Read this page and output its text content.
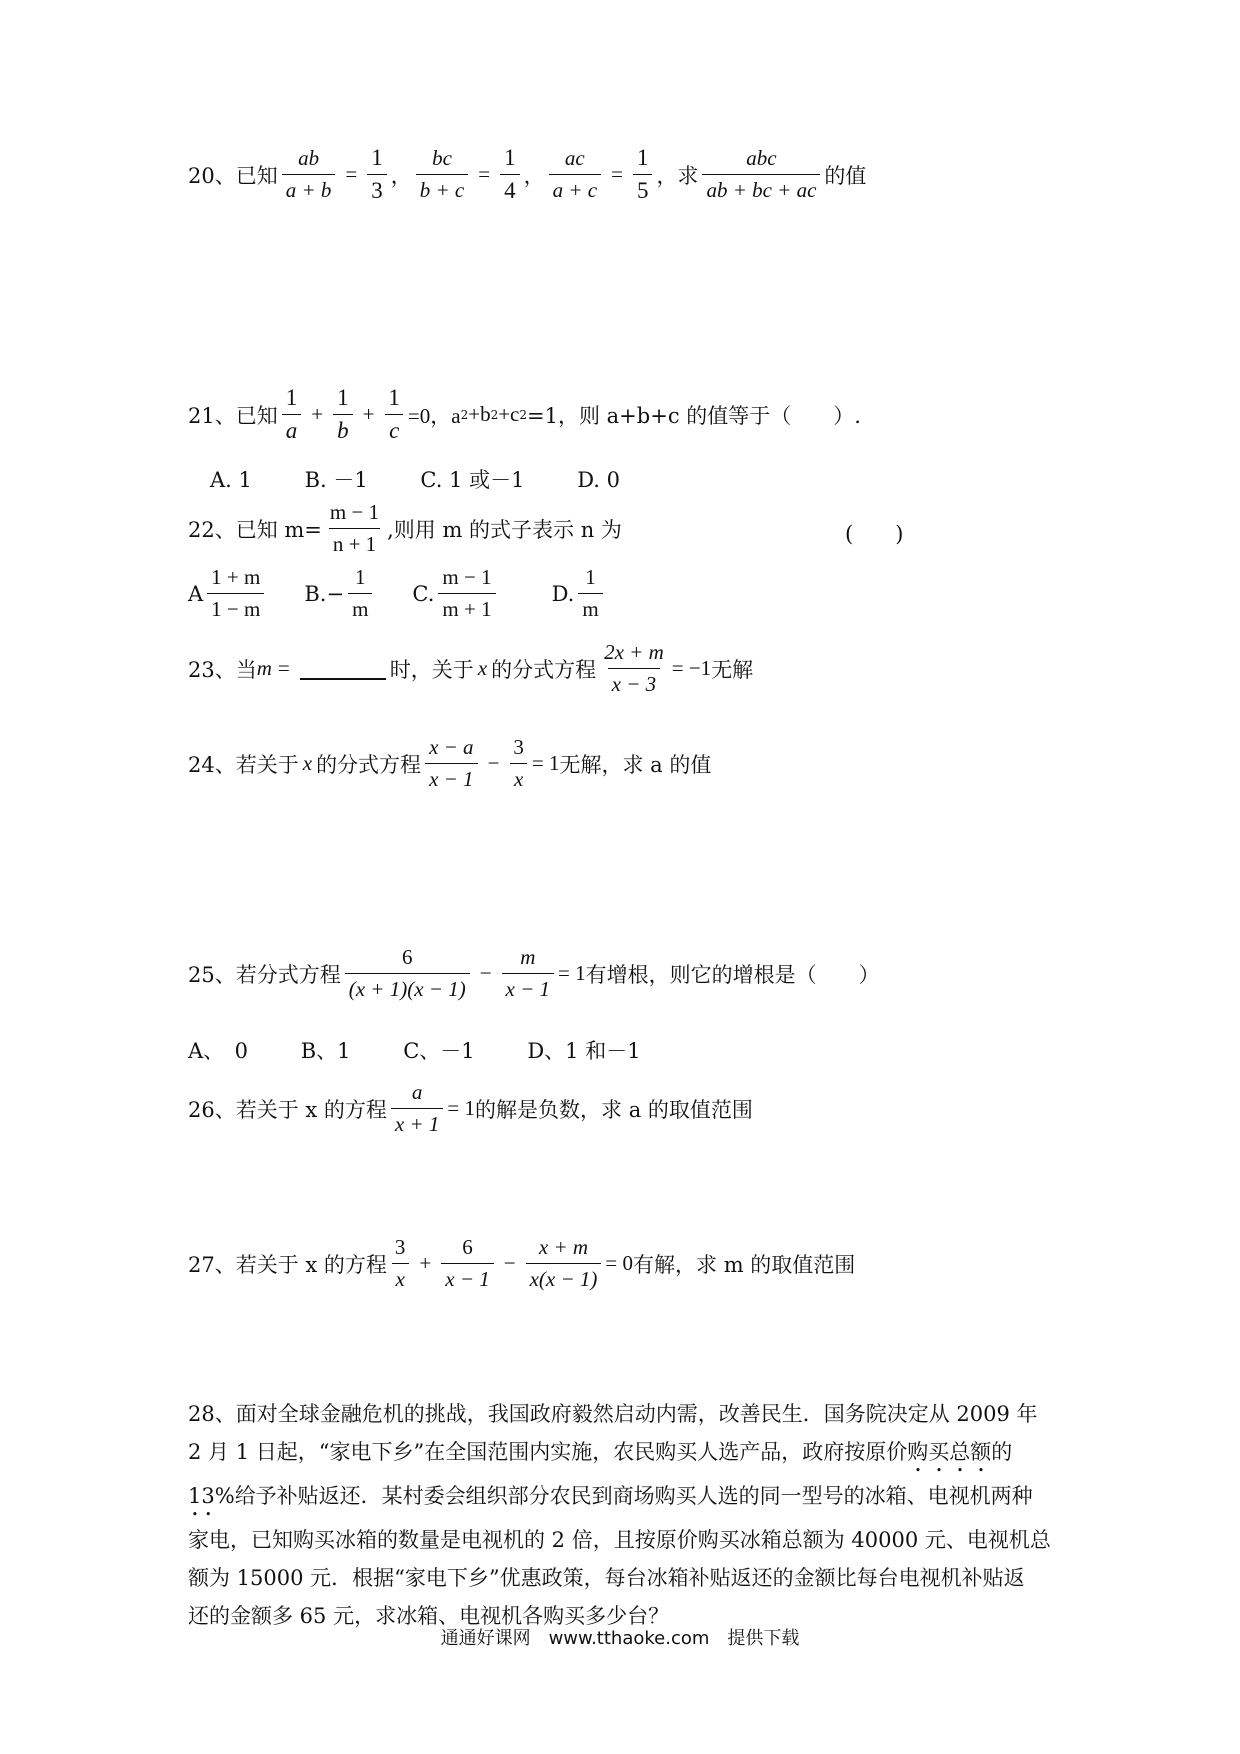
20、已知 $\frac{ab}{a + b} = \frac{1}{3}$ ， $\frac{bc}{b + c} = \frac{1}{4}$ ， $\frac{ac}{a + c} = \frac{1}{5}$ ，求 $\frac{\text{abc}}{ab + bc + ac}$ 的值
21、已知 $\frac{1}{a} + \frac{1}{b} + \frac{1}{c} =0$，a 2 +b 2 +c 2 =1，则 a+b+c 的值等于（　　）.
A. 1	B. －1	C. 1 或－1	D. 0
22、已知 $m= \frac{m - 1}{n + 1}$ ,则用 m 的式子表示 n 为	(　　)
A $\frac{1 + m}{1 - m} B.- \frac{1}{m} C$. $\frac{m - 1}{m + 1}$	D. $\frac{1}{m}$
23、当 m =	时，关于 x 的分式方程 $\frac{2x + m}{x - 3} = -1$ 无解
24、若关于 x 的分式方程 $\frac{x - a}{x - 1} - \frac{3}{x} = 1$ 无解，求 a 的值
25、若分式方程 $\frac{6}{(x + 1)(x - 1)} - \frac{m}{x - 1} = 1$ 有增根，则它的增根是（　　）
A、　0	B、1	C、－1	D、1 和－1
26、若关于 x 的方程 $\frac{a}{x + 1} = 1$ 的解是负数，求 a 的取值范围
27、若关于 x 的方程 $\frac{3}{x} + \frac{6}{x - 1} - \frac{x + m}{x(x - 1)} = 0$ 有解，求 m 的取值范围
28、面对全球金融危机的挑战，我国政府毅然启动内需，改善民生．国务院决定从 2009 年
2 月 1 日起，“家电下乡”在全国范围内实施，农民购买人选产品，政府按原价购买总额的
13%给予补贴返还．某村委会组织部分农民到商场购买人选的同一型号的冰箱、电视机两种
家电，已知购买冰箱的数量是电视机的 2 倍，且按原价购买冰箱总额为 40000 元、电视机总
额为 15000 元．根据“家电下乡”优惠政策，每台冰箱补贴返还的金额比每台电视机补贴返
还的金额多 65 元，求冰箱、电视机各购买多少台？
通通好课网　www.tthaoke.com　提供下载
